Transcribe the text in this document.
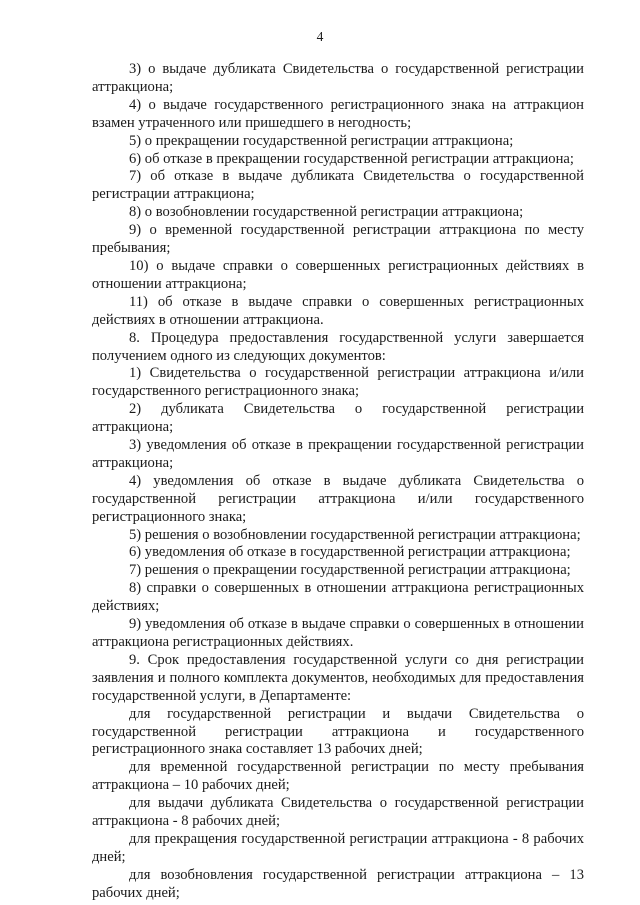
4

3) о выдаче дубликата Свидетельства о государственной регистрации аттракциона;

4) о выдаче государственного регистрационного знака на аттракцион взамен утраченного или пришедшего в негодность;

5) о прекращении государственной регистрации аттракциона;

6) об отказе в прекращении государственной регистрации аттракциона;

7) об отказе в выдаче дубликата Свидетельства о государственной регистрации аттракциона;

8) о возобновлении государственной регистрации аттракциона;

9) о временной государственной регистрации аттракциона по месту пребывания;

10) о выдаче справки о совершенных регистрационных действиях в отношении аттракциона;

11) об отказе в выдаче справки о совершенных регистрационных действиях в отношении аттракциона.

8. Процедура предоставления государственной услуги завершается получением одного из следующих документов:

1) Свидетельства о государственной регистрации аттракциона и/или государственного регистрационного знака;

2) дубликата Свидетельства о государственной регистрации аттракциона;

3) уведомления об отказе в прекращении государственной регистрации аттракциона;

4) уведомления об отказе в выдаче дубликата Свидетельства о государственной регистрации аттракциона и/или государственного регистрационного знака;

5) решения о возобновлении государственной регистрации аттракциона;

6) уведомления об отказе в государственной регистрации аттракциона;

7) решения о прекращении государственной регистрации аттракциона;

8) справки о совершенных в отношении аттракциона регистрационных действиях;

9) уведомления об отказе в выдаче справки о совершенных в отношении аттракциона регистрационных действиях.

9. Срок предоставления государственной услуги со дня регистрации заявления и полного комплекта документов, необходимых для предоставления государственной услуги, в Департаменте:

для государственной регистрации и выдачи Свидетельства о государственной регистрации аттракциона и государственного регистрационного знака составляет 13 рабочих дней;

для временной государственной регистрации по месту пребывания аттракциона – 10 рабочих дней;

для выдачи дубликата Свидетельства о государственной регистрации аттракциона - 8 рабочих дней;

для прекращения государственной регистрации аттракциона - 8 рабочих дней;

для возобновления государственной регистрации аттракциона – 13 рабочих дней;
